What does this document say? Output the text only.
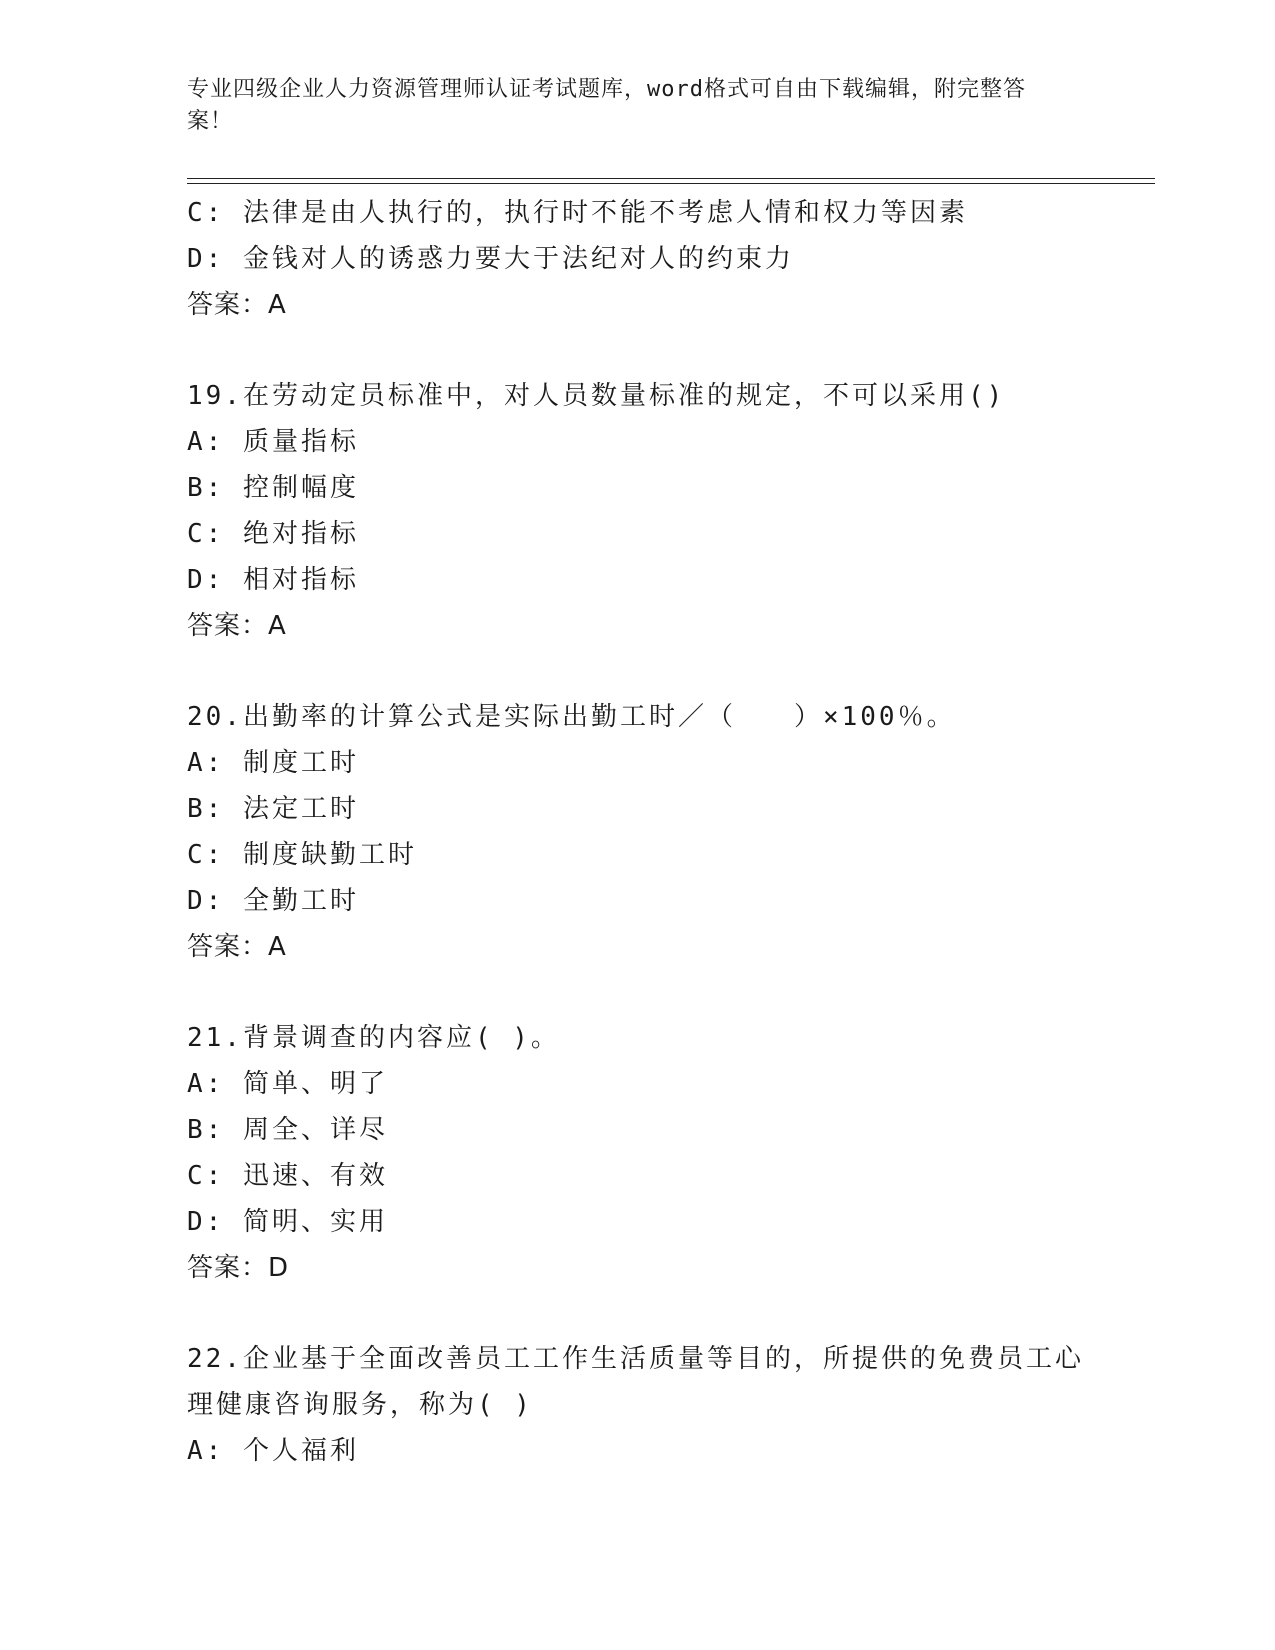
专业四级企业人力资源管理师认证考试题库，word格式可自由下载编辑，附完整答案！
C: 法律是由人执行的，执行时不能不考虑人情和权力等因素
D: 金钱对人的诱惑力要大于法纪对人的约束力
答案：A
19.在劳动定员标准中，对人员数量标准的规定，不可以采用()
A: 质量指标
B: 控制幅度
C: 绝对指标
D: 相对指标
答案：A
20.出勤率的计算公式是实际出勤工时／（　　）×100％。
A: 制度工时
B: 法定工时
C: 制度缺勤工时
D: 全勤工时
答案：A
21.背景调查的内容应( )。
A: 简单、明了
B: 周全、详尽
C: 迅速、有效
D: 简明、实用
答案：D
22.企业基于全面改善员工工作生活质量等目的，所提供的免费员工心理健康咨询服务，称为( )
A: 个人福利
